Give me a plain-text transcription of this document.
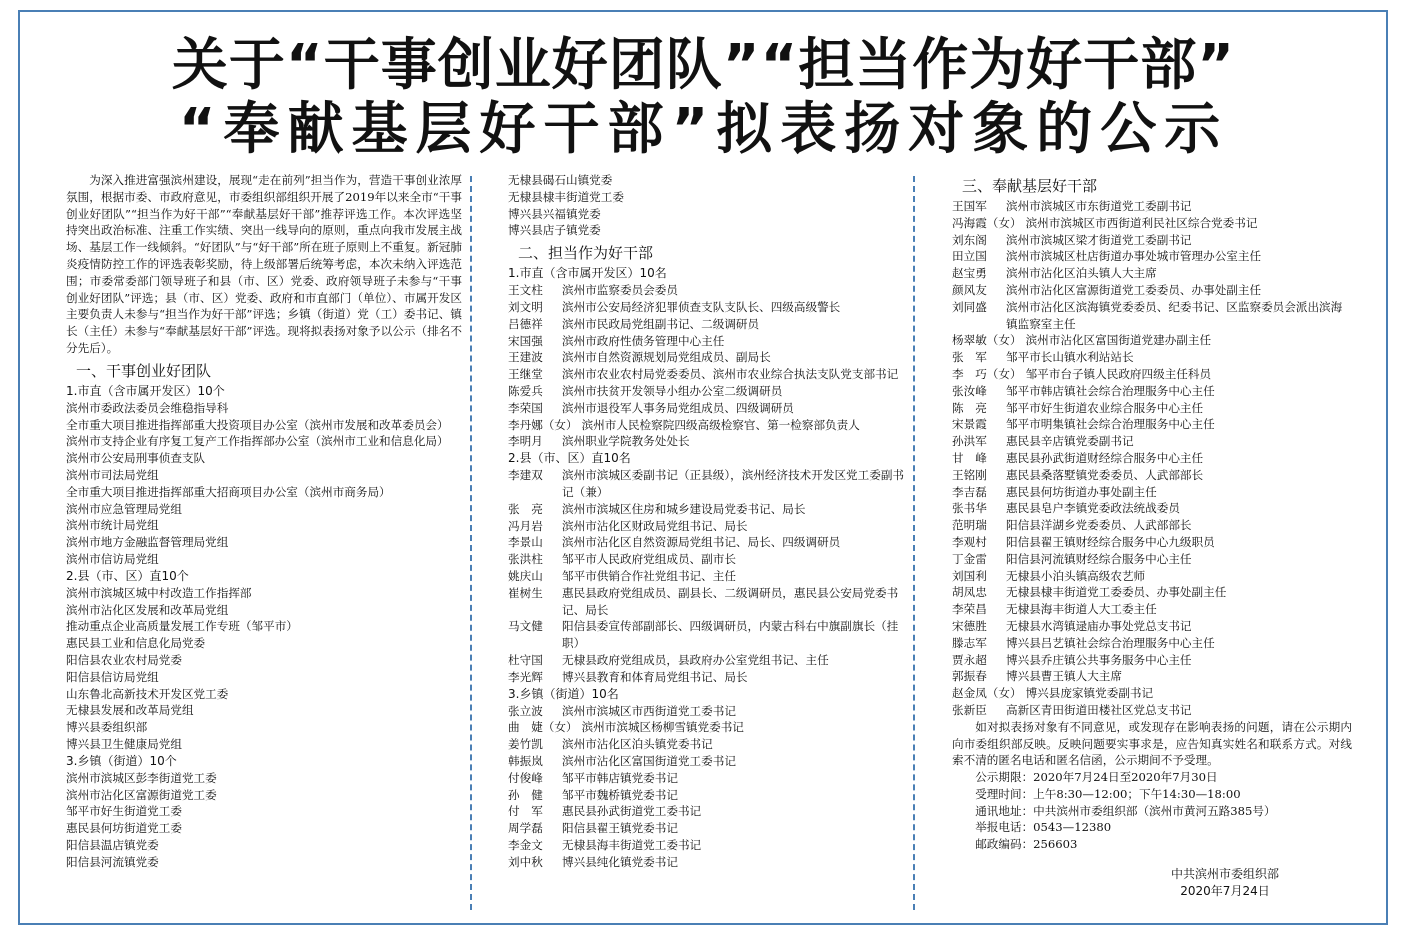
关于“干事创业好团队”“担当作为好干部”
“奉献基层好干部”拟表扬对象的公示

为深入推进富强滨州建设，展现“走在前列”担当作为，营造干事创业浓厚氛围，根据市委、市政府意见，市委组织部组织开展了2019年以来全市“干事创业好团队”“担当作为好干部”“奉献基层好干部”推荐评选工作。本次评选坚持突出政治标准、注重工作实绩、突出一线导向的原则，重点向我市发展主战场、基层工作一线倾斜。“好团队”与“好干部”所在班子原则上不重复。新冠肺炎疫情防控工作的评选表彰奖励，待上级部署后统筹考虑，本次未纳入评选范围；市委常委部门领导班子和县（市、区）党委、政府领导班子未参与“干事创业好团队”评选；县（市、区）党委、政府和市直部门（单位）、市属开发区主要负责人未参与“担当作为好干部”评选；乡镇（街道）党（工）委书记、镇长（主任）未参与“奉献基层好干部”评选。现将拟表扬对象予以公示（排名不分先后）。

一、干事创业好团队
1.市直（含市属开发区）10个
滨州市委政法委员会维稳指导科
全市重大项目推进指挥部重大投资项目办公室（滨州市发展和改革委员会）
滨州市支持企业有序复工复产工作指挥部办公室（滨州市工业和信息化局）
滨州市公安局刑事侦查支队
滨州市司法局党组
全市重大项目推进指挥部重大招商项目办公室（滨州市商务局）
滨州市应急管理局党组
滨州市统计局党组
滨州市地方金融监督管理局党组
滨州市信访局党组
2.县（市、区）直10个
滨州市滨城区城中村改造工作指挥部
滨州市沾化区发展和改革局党组
推动重点企业高质量发展工作专班（邹平市）
惠民县工业和信息化局党委
阳信县农业农村局党委
阳信县信访局党组
山东鲁北高新技术开发区党工委
无棣县发展和改革局党组
博兴县委组织部
博兴县卫生健康局党组
3.乡镇（街道）10个
滨州市滨城区彭李街道党工委
滨州市沾化区富源街道党工委
邹平市好生街道党工委
惠民县何坊街道党工委
阳信县温店镇党委
阳信县河流镇党委
无棣县碣石山镇党委
无棣县棣丰街道党工委
博兴县兴福镇党委
博兴县店子镇党委
二、担当作为好干部
1.市直（含市属开发区）10名
王文柱	滨州市监察委员会委员
刘文明	滨州市公安局经济犯罪侦查支队支队长、四级高级警长
吕德祥	滨州市民政局党组副书记、二级调研员
宋国强	滨州市政府性债务管理中心主任
王建波	滨州市自然资源规划局党组成员、副局长
王继堂	滨州市农业农村局党委委员、滨州市农业综合执法支队党支部书记
陈爱兵	滨州市扶贫开发领导小组办公室二级调研员
李荣国	滨州市退役军人事务局党组成员、四级调研员
李丹娜（女） 滨州市人民检察院四级高级检察官、第一检察部负责人
李明月	滨州职业学院教务处处长
2.县（市、区）直10名
李建双	滨州市滨城区委副书记（正县级），滨州经济技术开发区党工委副书记（兼）
张　亮	滨州市滨城区住房和城乡建设局党委书记、局长
冯月岩	滨州市沾化区财政局党组书记、局长
李景山	滨州市沾化区自然资源局党组书记、局长、四级调研员
张洪柱	邹平市人民政府党组成员、副市长
姚庆山	邹平市供销合作社党组书记、主任
崔树生	惠民县政府党组成员、副县长、二级调研员，惠民县公安局党委书记、局长
马文健	阳信县委宣传部副部长、四级调研员，内蒙古科右中旗副旗长（挂职）
杜守国	无棣县政府党组成员，县政府办公室党组书记、主任
李光辉	博兴县教育和体育局党组书记、局长
3.乡镇（街道）10名
张立波	滨州市滨城区市西街道党工委书记
曲　婕（女） 滨州市滨城区杨柳雪镇党委书记
姜竹凯	滨州市沾化区泊头镇党委书记
韩振岚	滨州市沾化区富国街道党工委书记
付俊峰	邹平市韩店镇党委书记
孙　健	邹平市魏桥镇党委书记
付　军	惠民县孙武街道党工委书记
周学磊	阳信县翟王镇党委书记
李金文	无棣县海丰街道党工委书记
刘中秋	博兴县纯化镇党委书记
三、奉献基层好干部
王国军	滨州市滨城区市东街道党工委副书记
冯海霞（女） 滨州市滨城区市西街道利民社区综合党委书记
刘东阁	滨州市滨城区梁才街道党工委副书记
田立国	滨州市滨城区杜店街道办事处城市管理办公室主任
赵宝勇	滨州市沾化区泊头镇人大主席
颜风友	滨州市沾化区富源街道党工委委员、办事处副主任
刘同盛	滨州市沾化区滨海镇党委委员、纪委书记、区监察委员会派出滨海镇监察室主任
杨翠敏（女） 滨州市沾化区富国街道党建办副主任
张　军	邹平市长山镇水利站站长
李　巧（女） 邹平市台子镇人民政府四级主任科员
张汝峰	邹平市韩店镇社会综合治理服务中心主任
陈　亮	邹平市好生街道农业综合服务中心主任
宋景霞	邹平市明集镇社会综合治理服务中心主任
孙洪军	惠民县辛店镇党委副书记
甘　峰	惠民县孙武街道财经综合服务中心主任
王铭刚	惠民县桑落墅镇党委委员、人武部部长
李吉磊	惠民县何坊街道办事处副主任
张书华	惠民县皂户李镇党委政法统战委员
范明瑞	阳信县洋湖乡党委委员、人武部部长
李观村	阳信县翟王镇财经综合服务中心九级职员
丁金雷	阳信县河流镇财经综合服务中心主任
刘国利	无棣县小泊头镇高级农艺师
胡凤忠	无棣县棣丰街道党工委委员、办事处副主任
李荣昌	无棣县海丰街道人大工委主任
宋德胜	无棣县水湾镇逯庙办事处党总支书记
滕志军	博兴县吕艺镇社会综合治理服务中心主任
贾永超	博兴县乔庄镇公共事务服务中心主任
郭振春	博兴县曹王镇人大主席
赵金凤（女） 博兴县庞家镇党委副书记
张新臣	高新区青田街道田楼社区党总支书记

如对拟表扬对象有不同意见，或发现存在影响表扬的问题，请在公示期内向市委组织部反映。反映问题要实事求是，应告知真实姓名和联系方式。对线索不清的匿名电话和匿名信函，公示期间不予受理。

公示期限：2020年7月24日至2020年7月30日
受理时间：上午8:30—12:00；下午14:30—18:00
通讯地址：中共滨州市委组织部（滨州市黄河五路385号）
举报电话：0543—12380
邮政编码：256603
中共滨州市委组织部
2020年7月24日
